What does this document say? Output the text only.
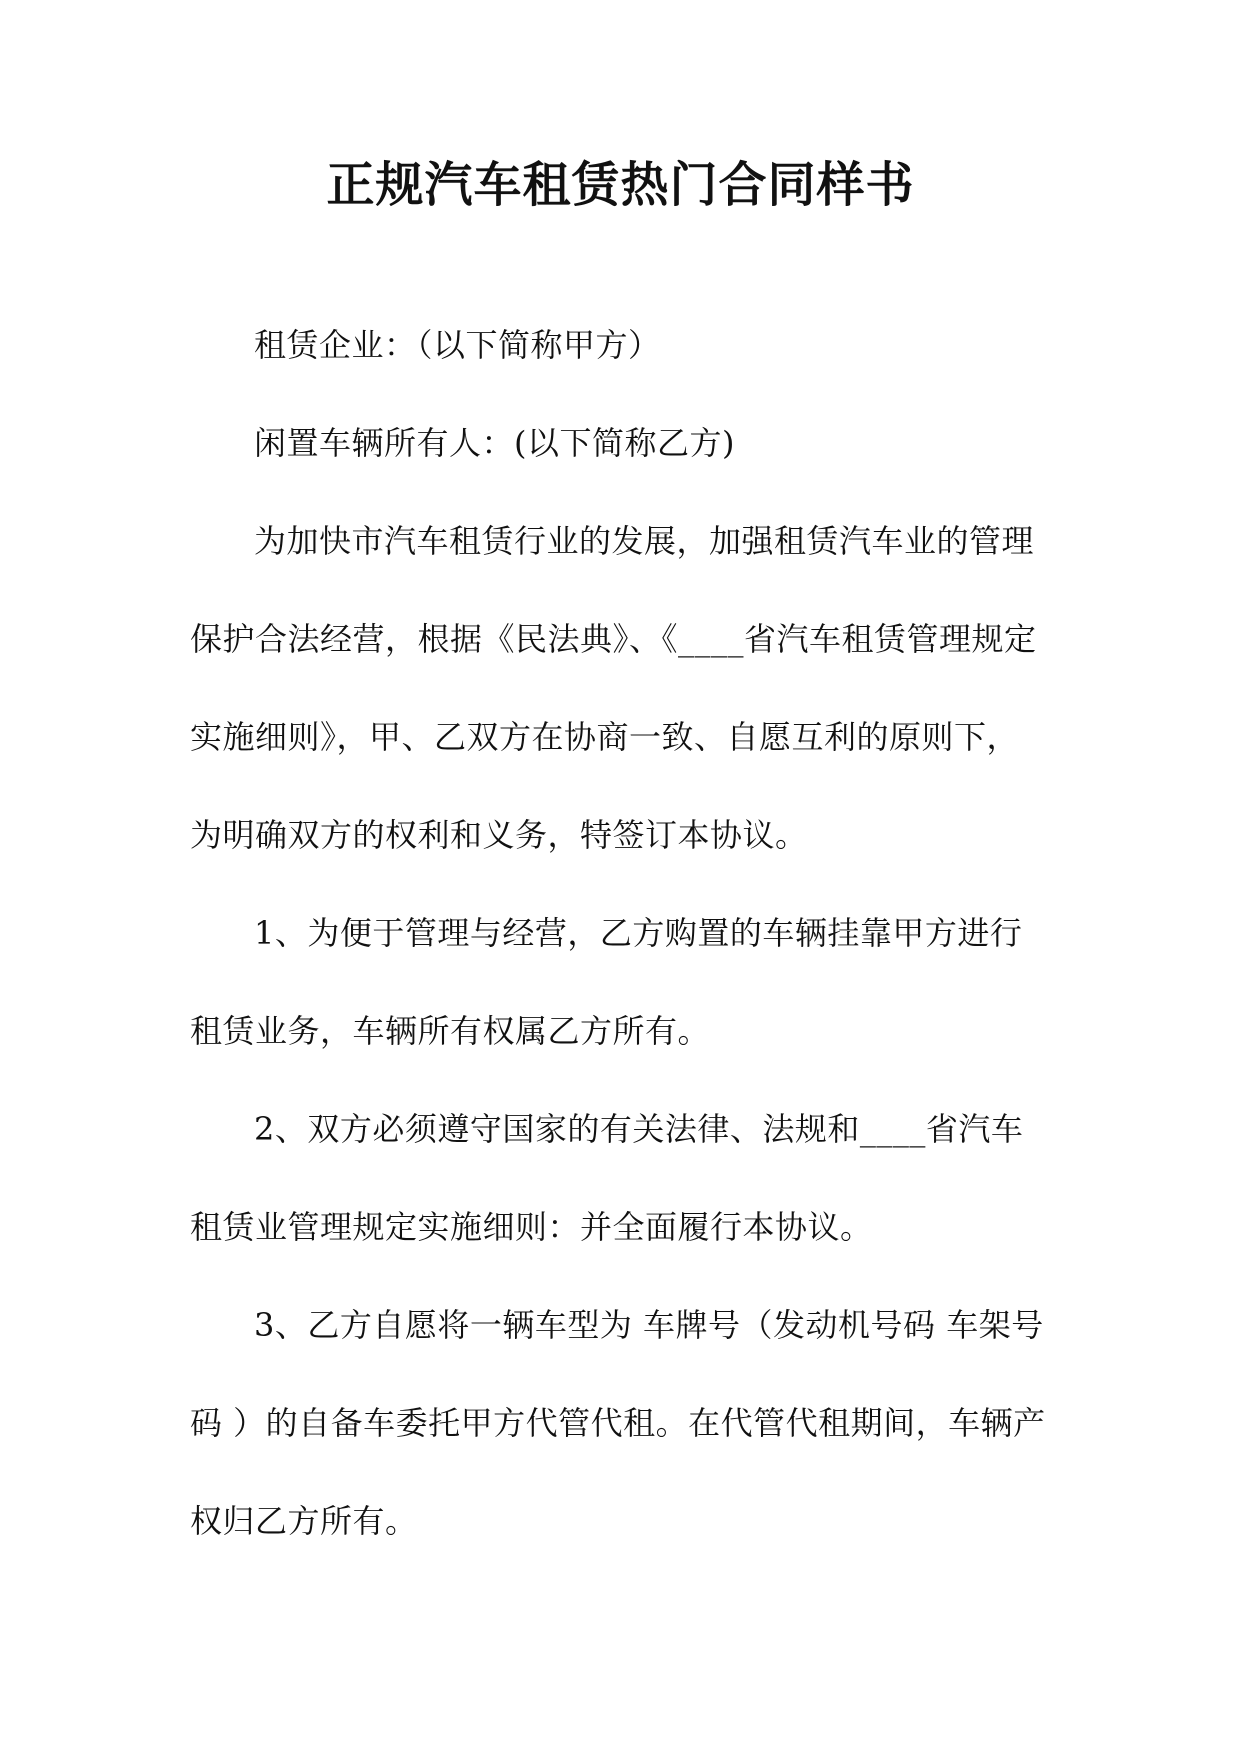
正规汽车租赁热门合同样书

租赁企业：（以下简称甲方）

闲置车辆所有人：(以下简称乙方)

为加快市汽车租赁行业的发展，加强租赁汽车业的管理保护合法经营，根据《民法典》、《____省汽车租赁管理规定实施细则》，甲、乙双方在协商一致、自愿互利的原则下，为明确双方的权利和义务，特签订本协议。

1、为便于管理与经营，乙方购置的车辆挂靠甲方进行租赁业务，车辆所有权属乙方所有。

2、双方必须遵守国家的有关法律、法规和____省汽车租赁业管理规定实施细则：并全面履行本协议。

3、乙方自愿将一辆车型为 车牌号（发动机号码 车架号码 ）的自备车委托甲方代管代租。在代管代租期间，车辆产权归乙方所有。
